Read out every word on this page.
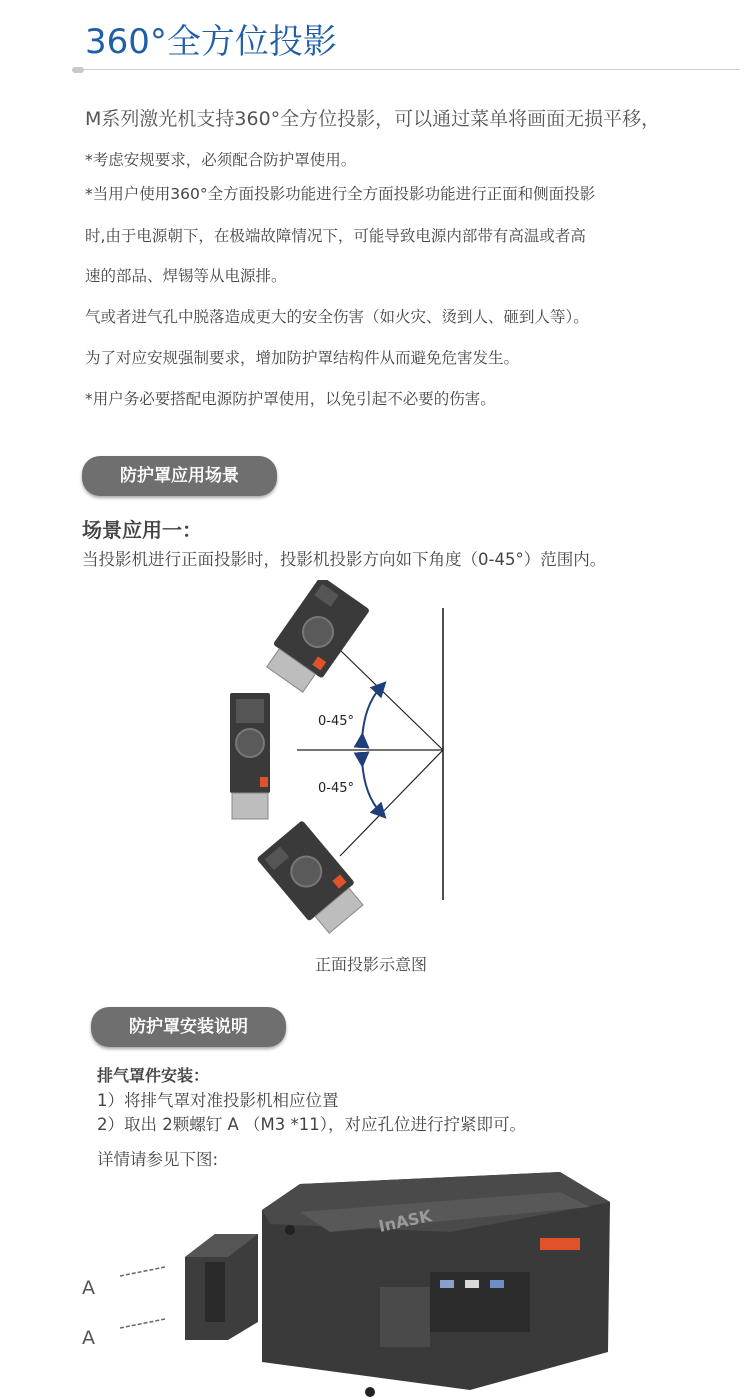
360°全方位投影
M系列激光机支持360°全方位投影，可以通过菜单将画面无损平移，
*考虑安规要求，必须配合防护罩使用。
*当用户使用360°全方面投影功能进行全方面投影功能进行正面和侧面投影
时,由于电源朝下，在极端故障情况下，可能导致电源内部带有高温或者高
速的部品、焊锡等从电源排。
气或者进气孔中脱落造成更大的安全伤害（如火灾、烫到人、砸到人等）。
为了对应安规强制要求，增加防护罩结构件从而避免危害发生。
*用户务必要搭配电源防护罩使用，以免引起不必要的伤害。
防护罩应用场景
场景应用一：
当投影机进行正面投影时，投影机投影方向如下角度（0-45°）范围内。
0-45°
0-45°
正面投影示意图
防护罩安装说明
排气罩件安装：
1）将排气罩对准投影机相应位置
2）取出 2颗螺钉 A （M3 *11），对应孔位进行拧紧即可。
详情请参见下图:
InASK
A
A
